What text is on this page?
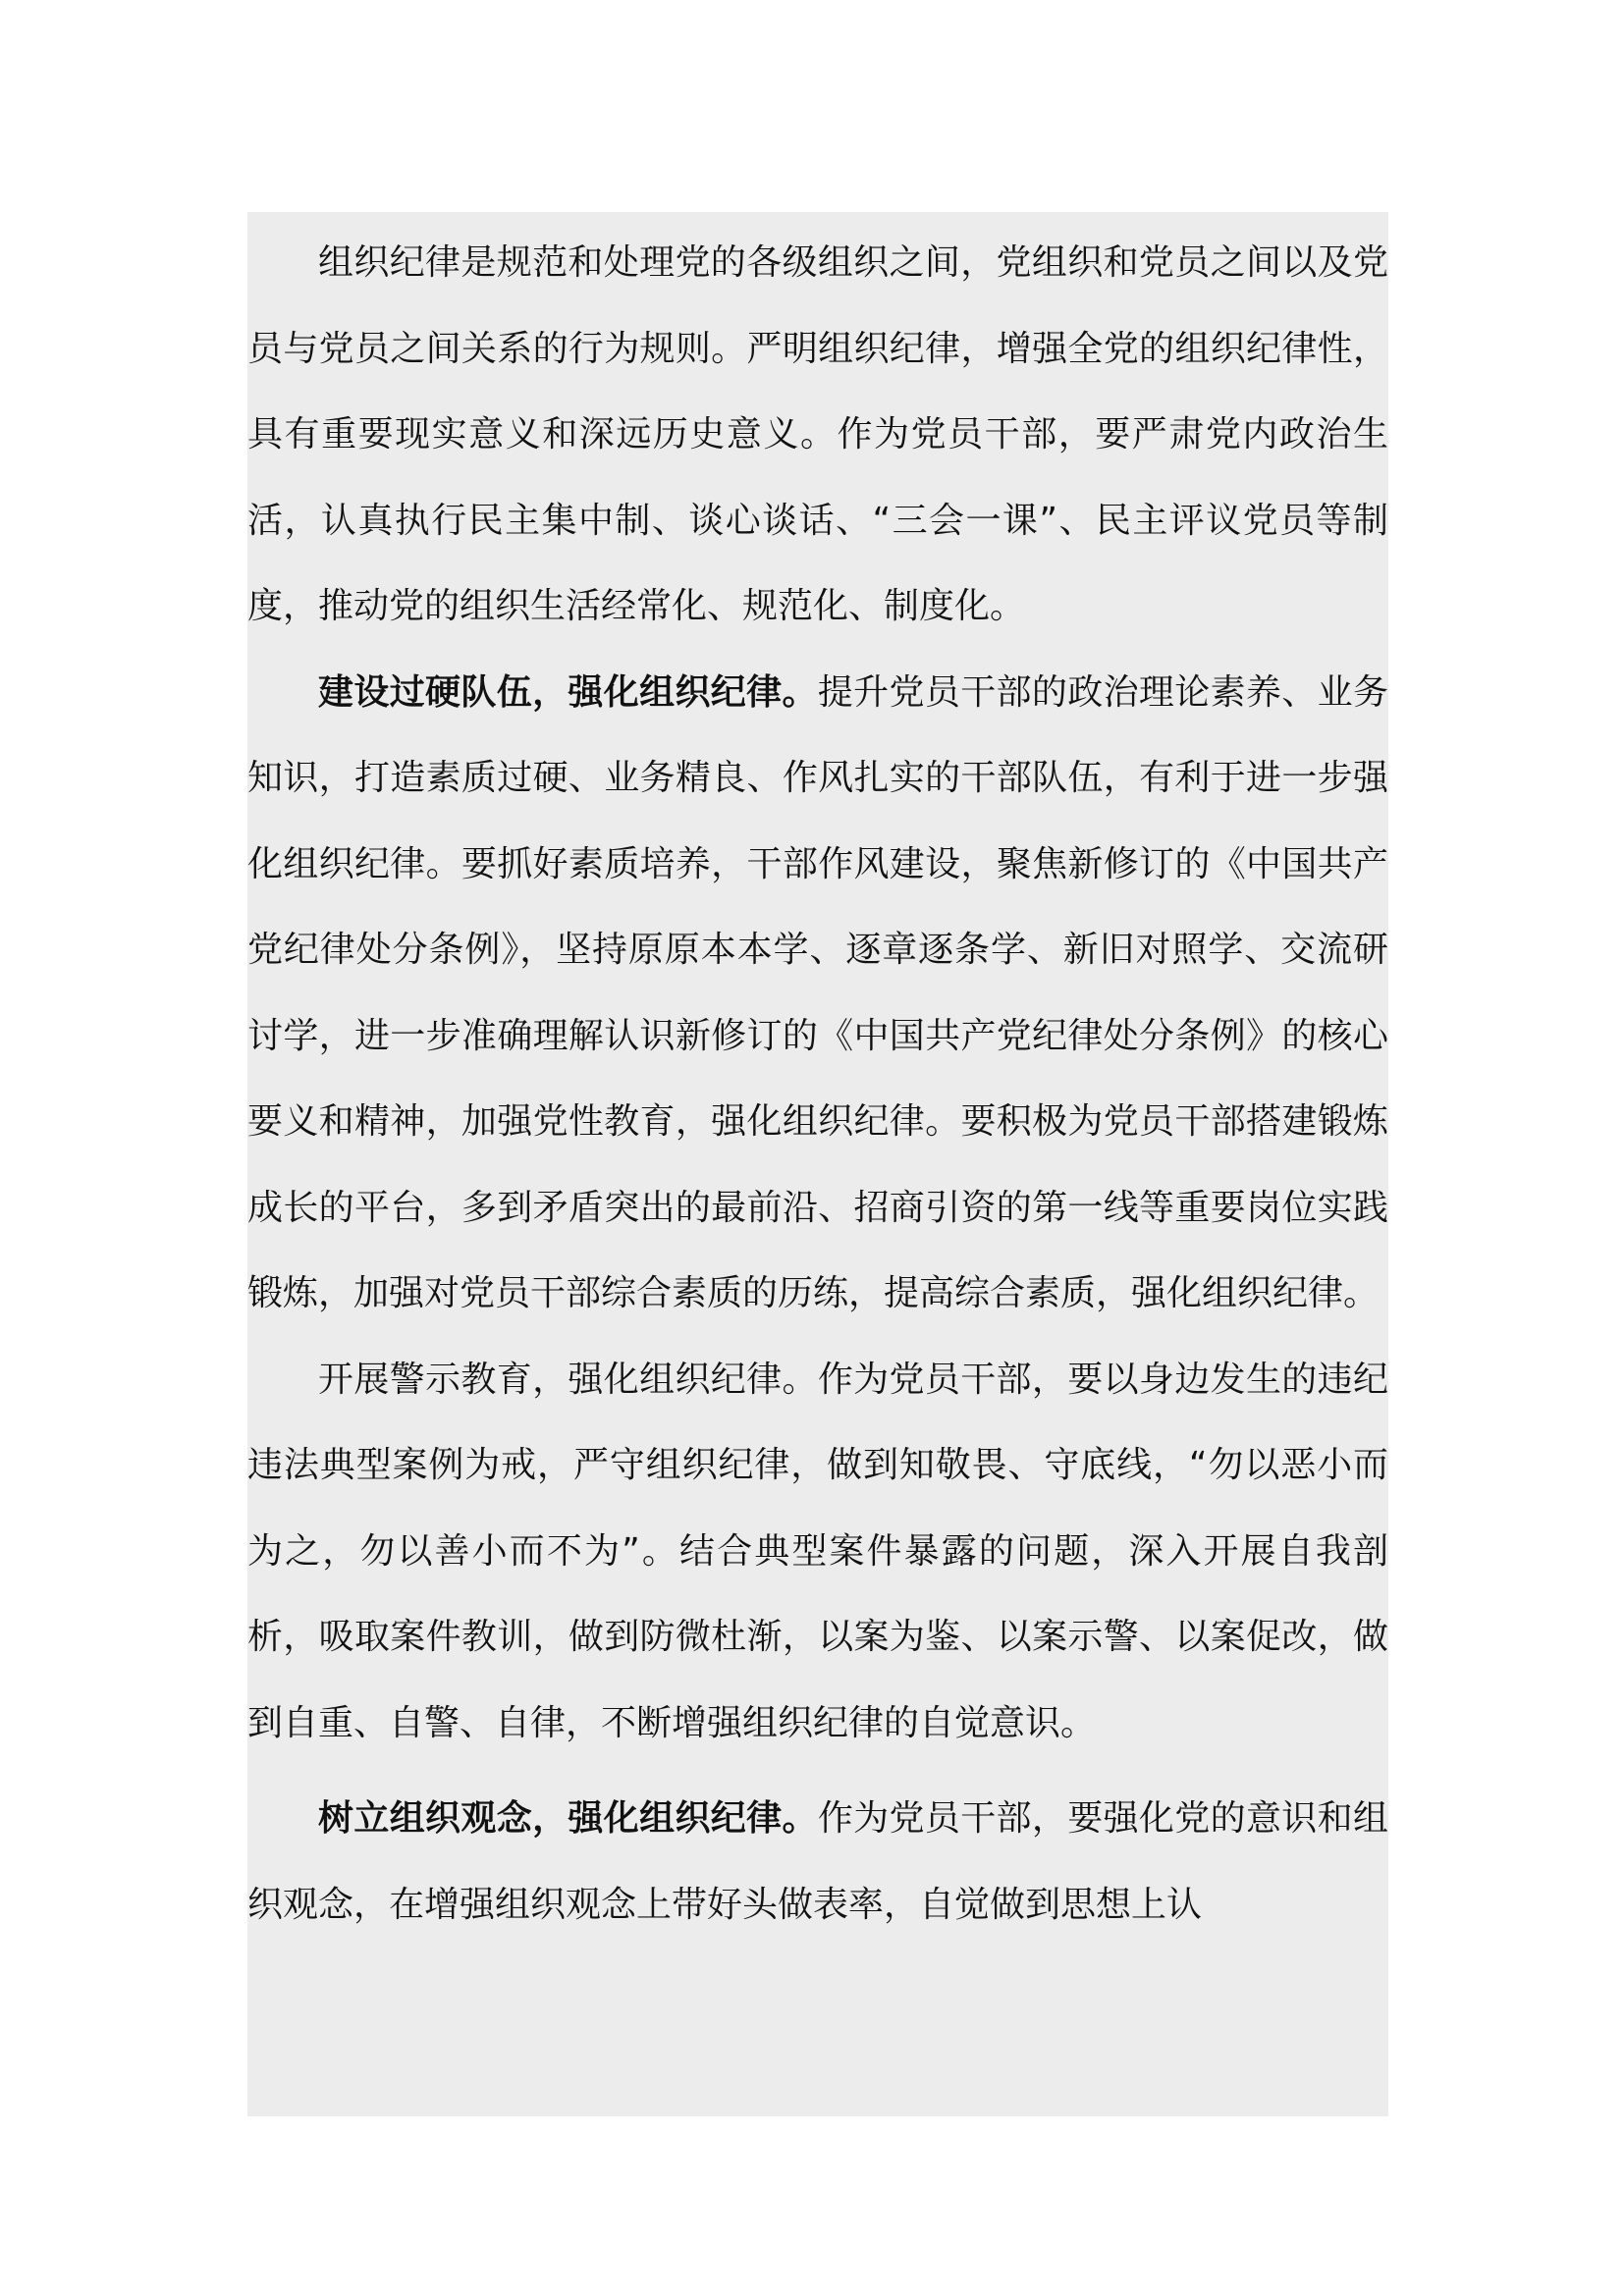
组织纪律是规范和处理党的各级组织之间，党组织和党员之间以及党员与党员之间关系的行为规则。严明组织纪律，增强全党的组织纪律性，具有重要现实意义和深远历史意义。作为党员干部，要严肃党内政治生活，认真执行民主集中制、谈心谈话、“三会一课”、民主评议党员等制度，推动党的组织生活经常化、规范化、制度化。

建设过硬队伍，强化组织纪律。提升党员干部的政治理论素养、业务知识，打造素质过硬、业务精良、作风扎实的干部队伍，有利于进一步强化组织纪律。要抓好素质培养，干部作风建设，聚焦新修订的《中国共产党纪律处分条例》，坚持原原本本学、逐章逐条学、新旧对照学、交流研讨学，进一步准确理解认识新修订的《中国共产党纪律处分条例》的核心要义和精神，加强党性教育，强化组织纪律。要积极为党员干部搭建锻炼成长的平台，多到矛盾突出的最前沿、招商引资的第一线等重要岗位实践锻炼，加强对党员干部综合素质的历练，提高综合素质，强化组织纪律。

开展警示教育，强化组织纪律。作为党员干部，要以身边发生的违纪违法典型案例为戒，严守组织纪律，做到知敬畏、守底线，“勿以恶小而为之，勿以善小而不为”。结合典型案件暴露的问题，深入开展自我剖析，吸取案件教训，做到防微杜渐，以案为鉴、以案示警、以案促改，做到自重、自警、自律，不断增强组织纪律的自觉意识。

树立组织观念，强化组织纪律。作为党员干部，要强化党的意识和组织观念，在增强组织观念上带好头做表率，自觉做到思想上认
